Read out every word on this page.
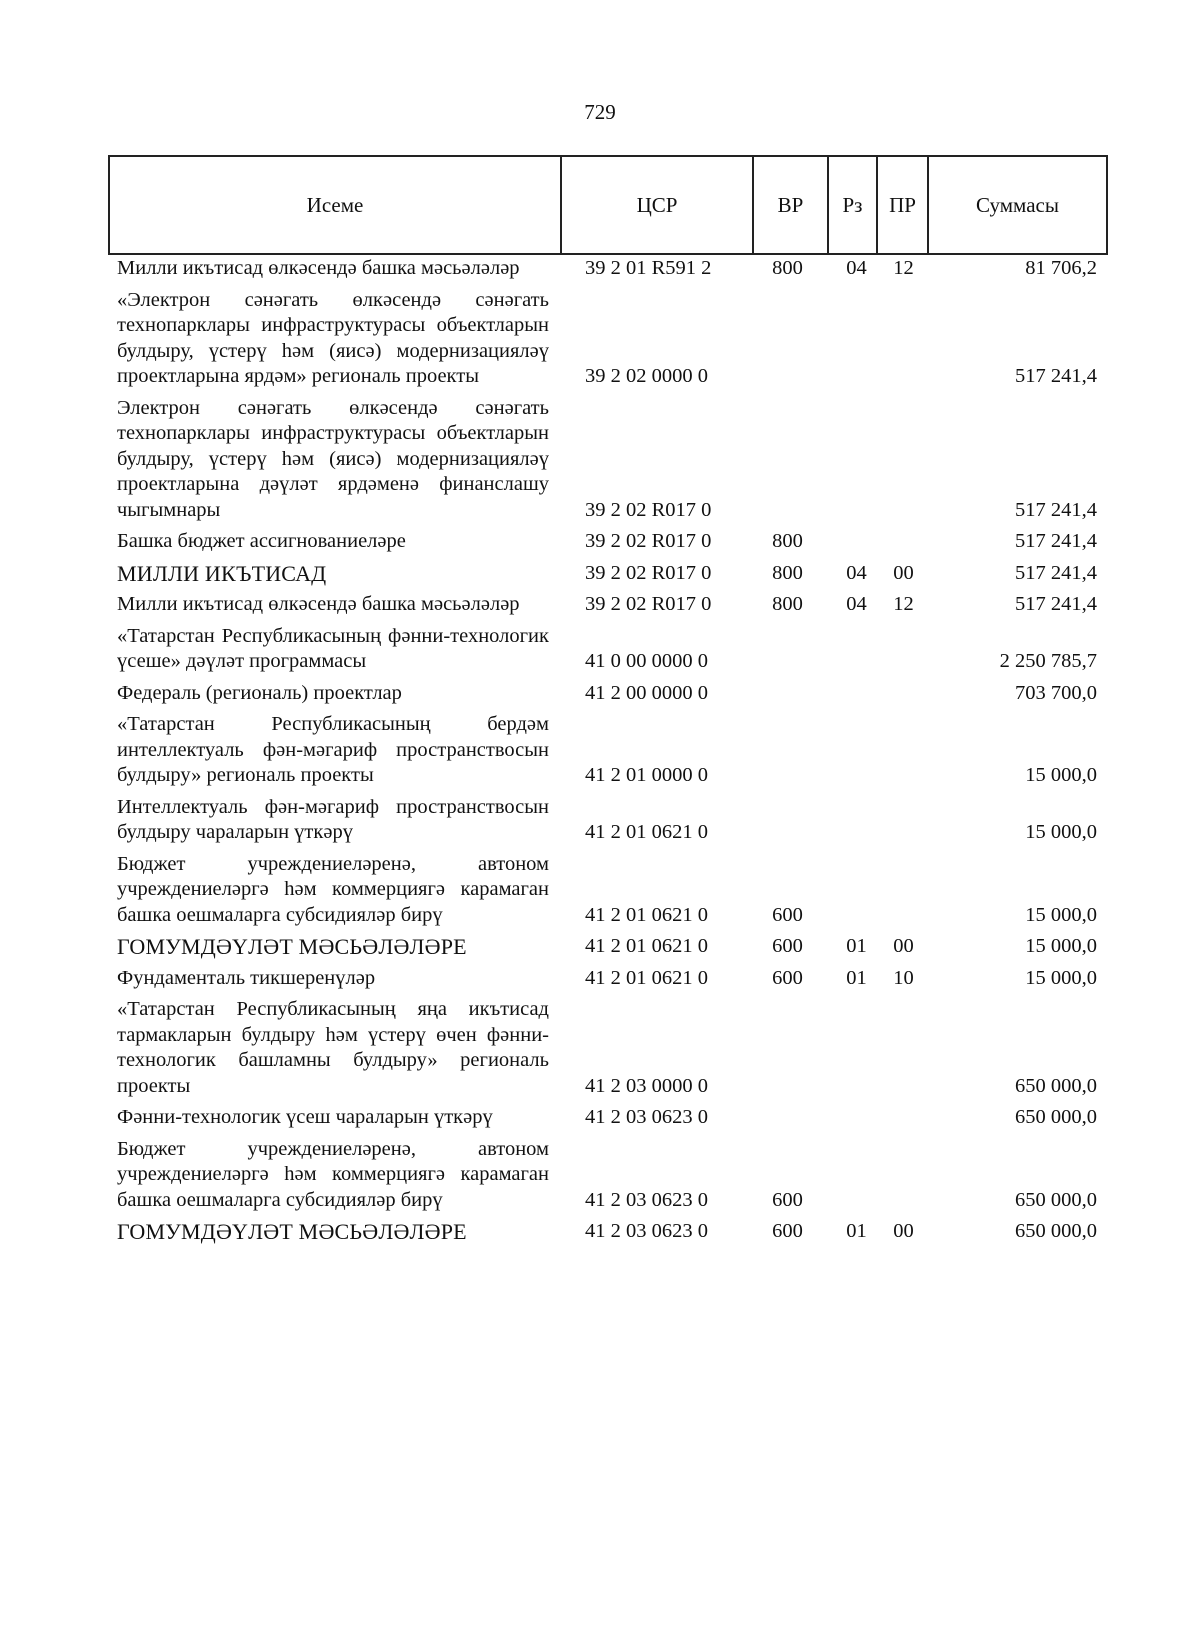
729
Исеме	ЦСР	ВР	Рз	ПР	Суммасы
Милли икътисад өлкәсендә башка мәсьәләләр	39 2 01 R591 2	800	04	12	81 706,2
«Электрон сәнәгать өлкәсендә сәнәгать технопарклары инфраструктурасы объектларын булдыру, үстерү һәм (яисә) модернизацияләү проектларына ярдәм» региональ проекты	39 2 02 0000 0				517 241,4
Электрон сәнәгать өлкәсендә сәнәгать технопарклары инфраструктурасы объектларын булдыру, үстерү һәм (яисә) модернизацияләү проектларына дәүләт ярдәменә финанслашу чыгымнары	39 2 02 R017 0				517 241,4
Башка бюджет ассигнованиеләре	39 2 02 R017 0	800			517 241,4
МИЛЛИ ИКЪТИСАД	39 2 02 R017 0	800	04	00	517 241,4
Милли икътисад өлкәсендә башка мәсьәләләр	39 2 02 R017 0	800	04	12	517 241,4
«Татарстан Республикасының фәнни-технологик үсеше» дәүләт программасы	41 0 00 0000 0				2 250 785,7
Федераль (региональ) проектлар	41 2 00 0000 0				703 700,0
«Татарстан Республикасының бердәм интеллектуаль фән-мәгариф пространствосын булдыру» региональ проекты	41 2 01 0000 0				15 000,0
Интеллектуаль фән-мәгариф пространствосын булдыру чараларын үткәрү	41 2 01 0621 0				15 000,0
Бюджет учреждениеләренә, автоном учреждениеләргә һәм коммерциягә карамаган башка оешмаларга субсидияләр бирү	41 2 01 0621 0	600			15 000,0
ГОМУМДӘҮЛӘТ МӘСЬӘЛӘЛӘРЕ	41 2 01 0621 0	600	01	00	15 000,0
Фундаменталь тикшеренүләр	41 2 01 0621 0	600	01	10	15 000,0
«Татарстан Республикасының яңа икътисад тармакларын булдыру һәм үстерү өчен фәнни-технологик башламны булдыру» региональ проекты	41 2 03 0000 0				650 000,0
Фәнни-технологик үсеш чараларын үткәрү	41 2 03 0623 0				650 000,0
Бюджет учреждениеләренә, автоном учреждениеләргә һәм коммерциягә карамаган башка оешмаларга субсидияләр бирү	41 2 03 0623 0	600			650 000,0
ГОМУМДӘҮЛӘТ МӘСЬӘЛӘЛӘРЕ	41 2 03 0623 0	600	01	00	650 000,0
